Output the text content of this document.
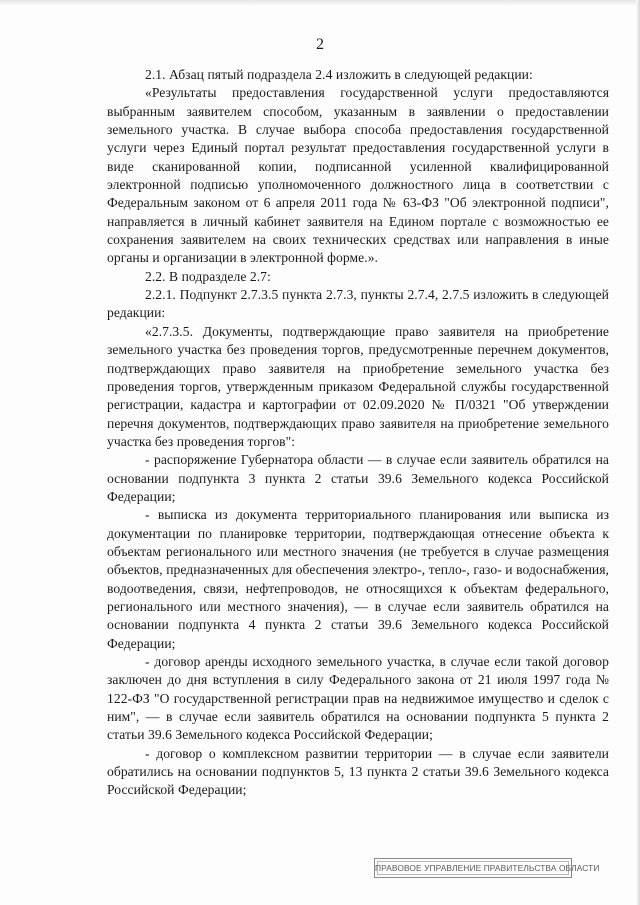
2

2.1. Абзац пятый подраздела 2.4 изложить в следующей редакции:

«Результаты предоставления государственной услуги предоставляются выбранным заявителем способом, указанным в заявлении о предоставлении земельного участка. В случае выбора способа предоставления государственной услуги через Единый портал результат предоставления государственной услуги в виде сканированной копии, подписанной усиленной квалифицированной электронной подписью уполномоченного должностного лица в соответствии с Федеральным законом от 6 апреля 2011 года № 63-ФЗ "Об электронной подписи", направляется в личный кабинет заявителя на Едином портале с возможностью ее сохранения заявителем на своих технических средствах или направления в иные органы и организации в электронной форме.».

2.2. В подразделе 2.7:

2.2.1. Подпункт 2.7.3.5 пункта 2.7.3, пункты 2.7.4, 2.7.5 изложить в следующей редакции:

«2.7.3.5. Документы, подтверждающие право заявителя на приобретение земельного участка без проведения торгов, предусмотренные перечнем документов, подтверждающих право заявителя на приобретение земельного участка без проведения торгов, утвержденным приказом Федеральной службы государственной регистрации, кадастра и картографии от 02.09.2020 № П/0321 "Об утверждении перечня документов, подтверждающих право заявителя на приобретение земельного участка без проведения торгов":

- распоряжение Губернатора области — в случае если заявитель обратился на основании подпункта 3 пункта 2 статьи 39.6 Земельного кодекса Российской Федерации;

- выписка из документа территориального планирования или выписка из документации по планировке территории, подтверждающая отнесение объекта к объектам регионального или местного значения (не требуется в случае размещения объектов, предназначенных для обеспечения электро-, тепло-, газо- и водоснабжения, водоотведения, связи, нефтепроводов, не относящихся к объектам федерального, регионального или местного значения), — в случае если заявитель обратился на основании подпункта 4 пункта 2 статьи 39.6 Земельного кодекса Российской Федерации;

- договор аренды исходного земельного участка, в случае если такой договор заключен до дня вступления в силу Федерального закона от 21 июля 1997 года № 122-ФЗ "О государственной регистрации прав на недвижимое имущество и сделок с ним", — в случае если заявитель обратился на основании подпункта 5 пункта 2 статьи 39.6 Земельного кодекса Российской Федерации;

- договор о комплексном развитии территории — в случае если заявители обратились на основании подпунктов 5, 13 пункта 2 статьи 39.6 Земельного кодекса Российской Федерации;

ПРАВОВОЕ УПРАВЛЕНИЕ ПРАВИТЕЛЬСТВА ОБЛАСТИ
